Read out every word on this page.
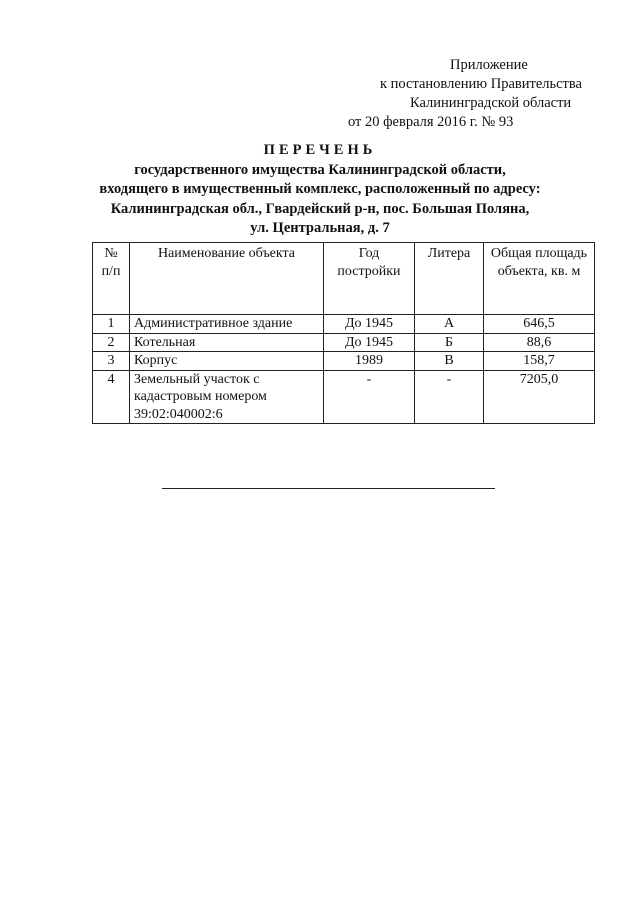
Приложение
к постановлению Правительства
Калининградской области
от 20 февраля 2016 г. № 93
ПЕРЕЧЕНЬ
государственного имущества Калининградской области,
входящего в имущественный комплекс, расположенный по адресу:
Калининградская обл., Гвардейский р-н, пос. Большая Поляна,
ул. Центральная, д. 7
№ п/п	Наименование объекта	Год постройки	Литера	Общая площадь объекта, кв. м
1	Административное здание	До 1945	А	646,5
2	Котельная	До 1945	Б	88,6
3	Корпус	1989	В	158,7
4	Земельный участок с кадастровым номером 39:02:040002:6	-	-	7205,0
